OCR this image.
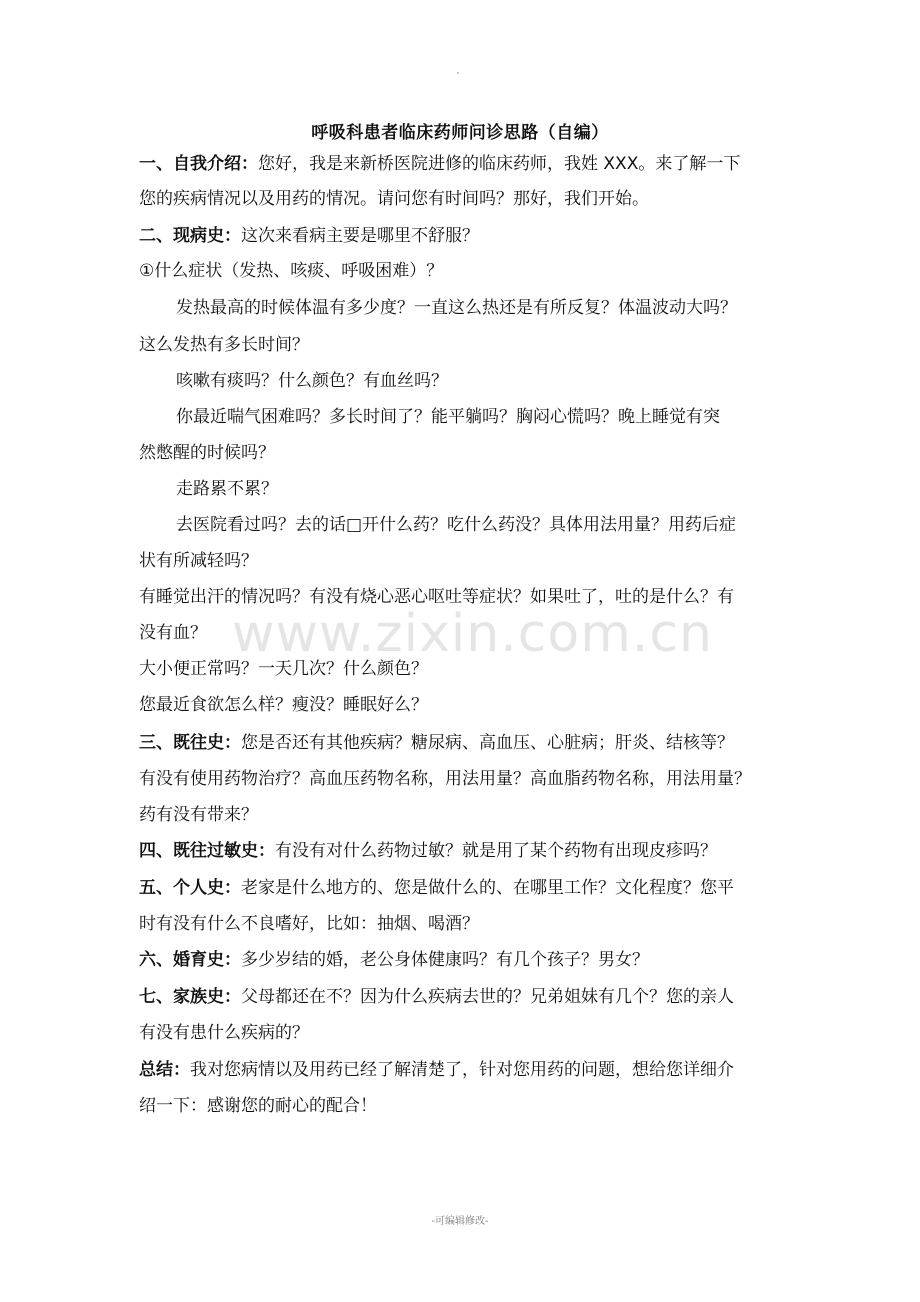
呼吸科患者临床药师问诊思路（自编）
一、自我介绍：您好，我是来新桥医院进修的临床药师，我姓 XXX。来了解一下
您的疾病情况以及用药的情况。请问您有时间吗？那好，我们开始。
二、现病史：这次来看病主要是哪里不舒服？
①什么症状（发热、咳痰、呼吸困难）？
发热最高的时候体温有多少度？一直这么热还是有所反复？体温波动大吗？
这么发热有多长时间？
咳嗽有痰吗？什么颜色？有血丝吗？
你最近喘气困难吗？多长时间了？能平躺吗？胸闷心慌吗？晚上睡觉有突
然憋醒的时候吗？
走路累不累？
去医院看过吗？去的话□开什么药？吃什么药没？具体用法用量？用药后症
状有所减轻吗？
有睡觉出汗的情况吗？有没有烧心恶心呕吐等症状？如果吐了，吐的是什么？有
没有血？
大小便正常吗？一天几次？什么颜色？
您最近食欲怎么样？瘦没？睡眠好么？
三、既往史：您是否还有其他疾病？糖尿病、高血压、心脏病；肝炎、结核等？
有没有使用药物治疗？高血压药物名称，用法用量？高血脂药物名称，用法用量？
药有没有带来？
四、既往过敏史：有没有对什么药物过敏？就是用了某个药物有出现皮疹吗？
五、个人史：老家是什么地方的、您是做什么的、在哪里工作？文化程度？您平
时有没有什么不良嗜好，比如：抽烟、喝酒？
六、婚育史：多少岁结的婚，老公身体健康吗？有几个孩子？男女？
七、家族史：父母都还在不？因为什么疾病去世的？兄弟姐妹有几个？您的亲人
有没有患什么疾病的？
总结：我对您病情以及用药已经了解清楚了，针对您用药的问题，想给您详细介
绍一下：感谢您的耐心的配合！
www.zixin.com.cn
-可编辑修改-
